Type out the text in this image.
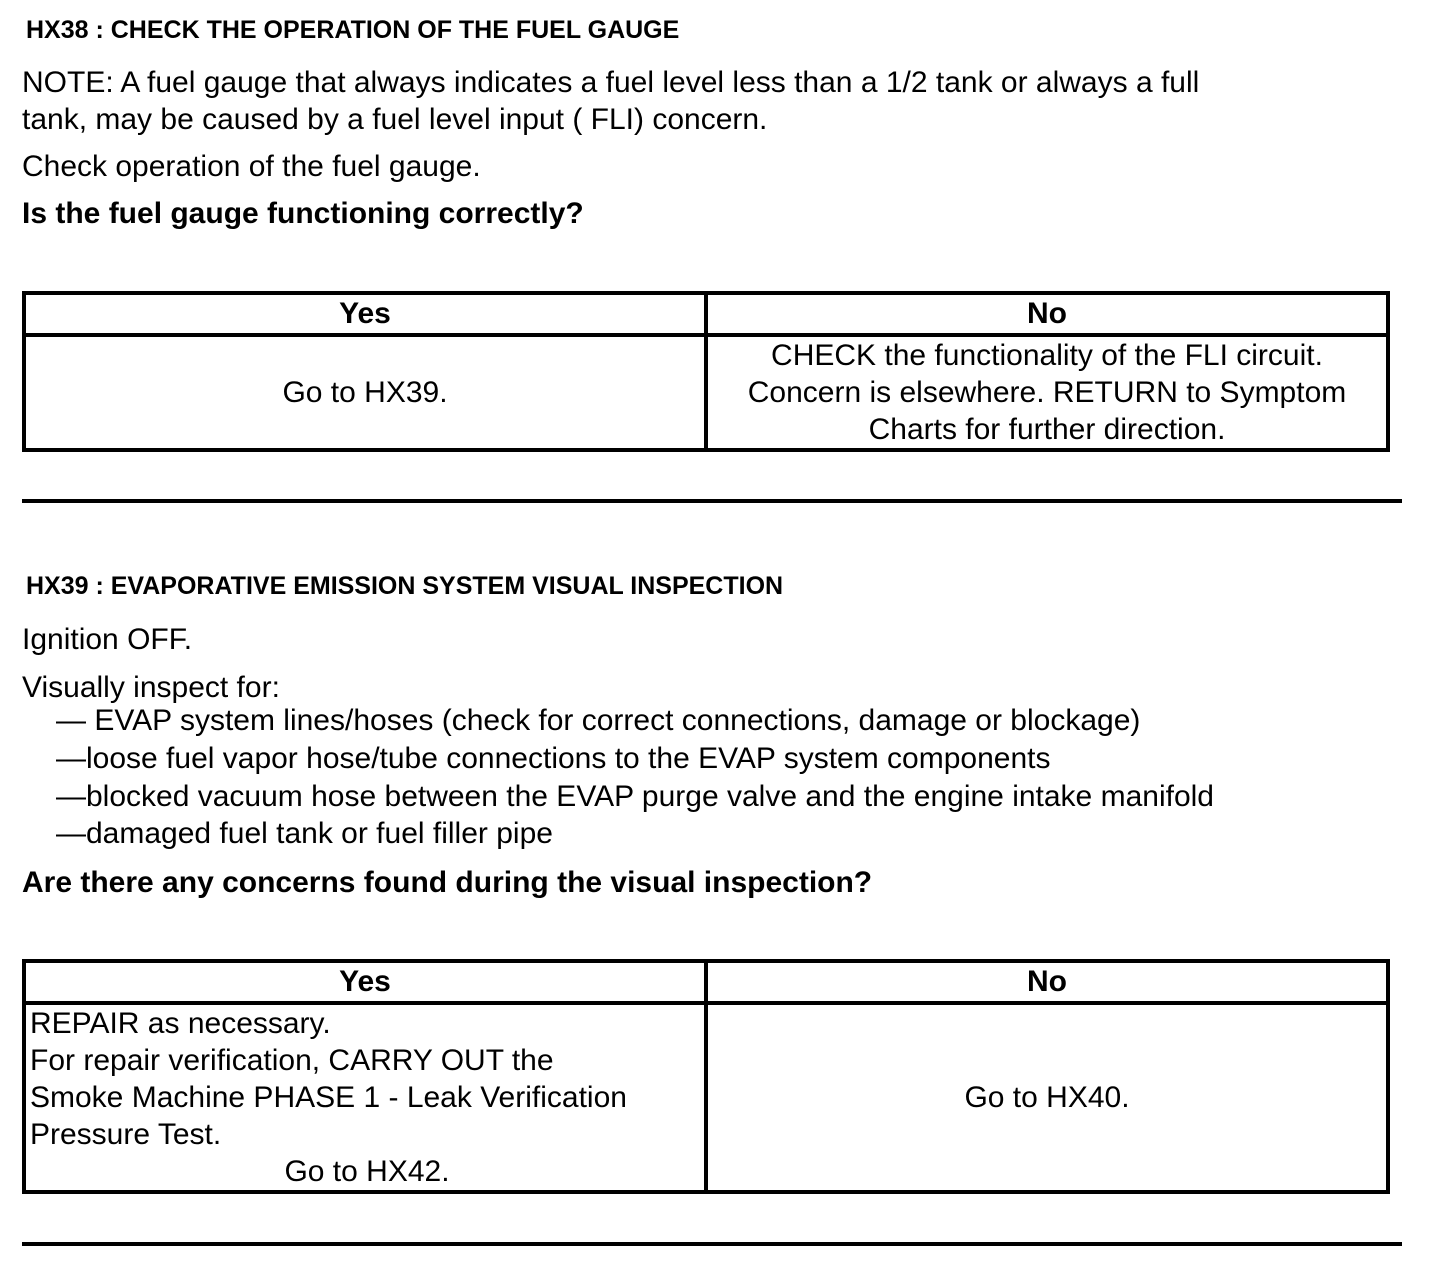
HX38 : CHECK THE OPERATION OF THE FUEL GAUGE
NOTE: A fuel gauge that always indicates a fuel level less than a 1/2 tank or always a full
tank, may be caused by a fuel level input ( FLI) concern.
Check operation of the fuel gauge.
Is the fuel gauge functioning correctly?
Yes	No
Go to HX39.	CHECK the functionality of the FLI circuit.
Concern is elsewhere. RETURN to Symptom
Charts for further direction.
HX39 : EVAPORATIVE EMISSION SYSTEM VISUAL INSPECTION
Ignition OFF.
Visually inspect for:
— EVAP system lines/hoses (check for correct connections, damage or blockage)
—loose fuel vapor hose/tube connections to the EVAP system components
—blocked vacuum hose between the EVAP purge valve and the engine intake manifold
—damaged fuel tank or fuel filler pipe
Are there any concerns found during the visual inspection?
Yes	No

REPAIR as necessary.
For repair verification, CARRY OUT the
Smoke Machine PHASE 1 - Leak Verification
Pressure Test.
Go to HX42.	Go to HX40.
